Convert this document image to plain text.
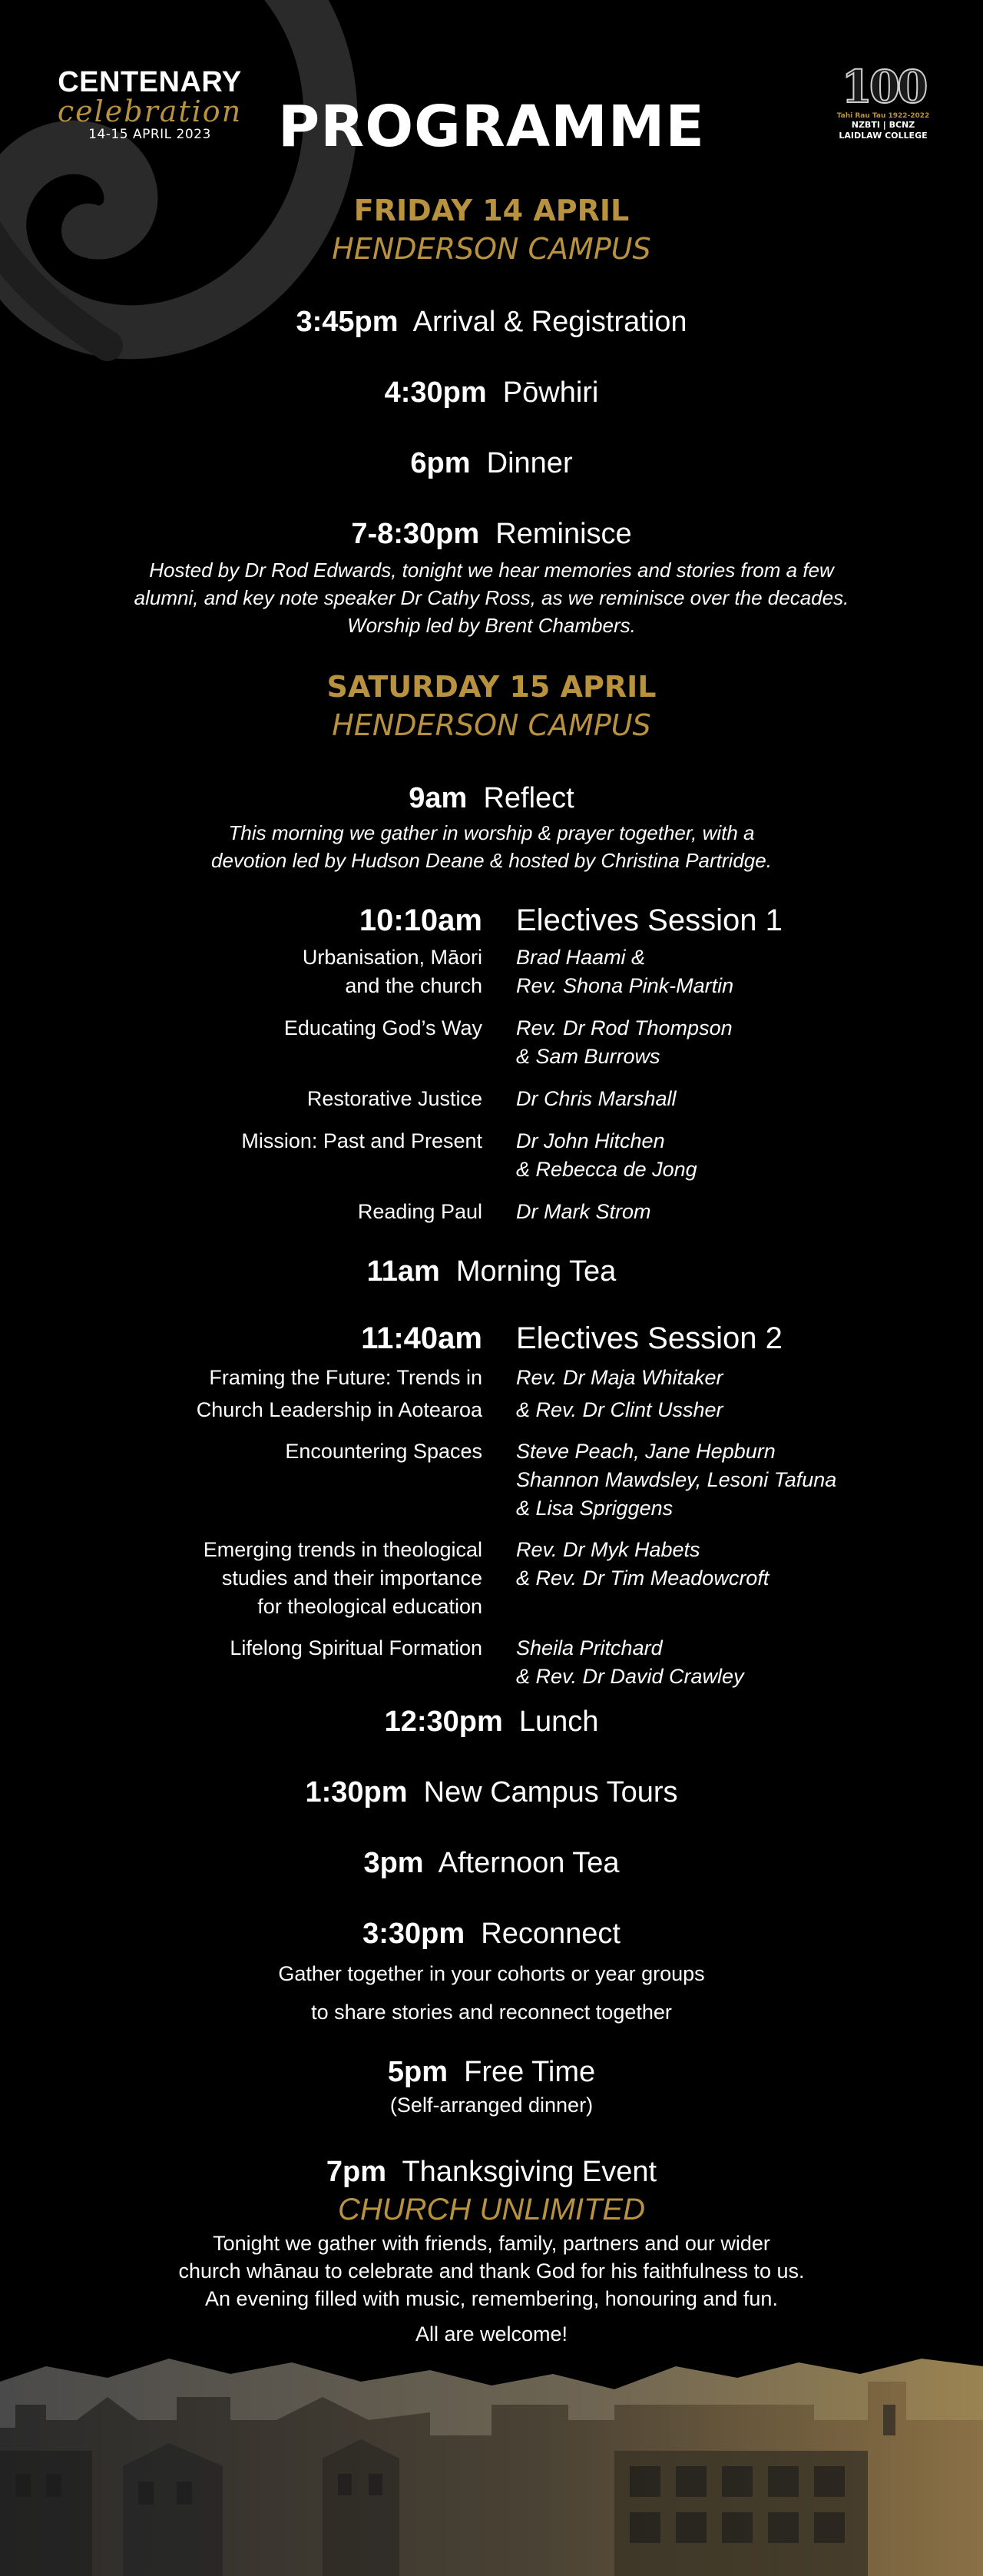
CENTENARY
celebration
14-15 APRIL 2023
100
Tahi Rau Tau 1922-2022
NZBTI | BCNZ
LAIDLAW COLLEGE
PROGRAMME
FRIDAY 14 APRIL
HENDERSON CAMPUS
3:45pm Arrival & Registration
4:30pm Pōwhiri
6pm Dinner
7-8:30pm Reminisce
Hosted by Dr Rod Edwards, tonight we hear memories and stories from a few
alumni, and key note speaker Dr Cathy Ross, as we reminisce over the decades.
Worship led by Brent Chambers.
SATURDAY 15 APRIL
HENDERSON CAMPUS
9am Reflect
This morning we gather in worship & prayer together, with a
devotion led by Hudson Deane & hosted by Christina Partridge.
10:10am Electives Session 1
Urbanisation, Māori
and the church
Brad Haami &
Rev. Shona Pink-Martin
Educating God’s Way Rev. Dr Rod Thompson
& Sam Burrows
Restorative Justice Dr Chris Marshall
Mission: Past and Present Dr John Hitchen
& Rebecca de Jong
Reading Paul Dr Mark Strom
11am Morning Tea
11:40am Electives Session 2
Framing the Future: Trends in
Church Leadership in Aotearoa
Rev. Dr Maja Whitaker
& Rev. Dr Clint Ussher
Encountering Spaces Steve Peach, Jane Hepburn
Shannon Mawdsley, Lesoni Tafuna
& Lisa Spriggens
Emerging trends in theological
studies and their importance
for theological education
Rev. Dr Myk Habets
& Rev. Dr Tim Meadowcroft
Lifelong Spiritual Formation Sheila Pritchard
& Rev. Dr David Crawley
12:30pm Lunch
1:30pm New Campus Tours
3pm Afternoon Tea
3:30pm Reconnect
Gather together in your cohorts or year groups
to share stories and reconnect together
5pm Free Time
(Self-arranged dinner)
7pm Thanksgiving Event
CHURCH UNLIMITED
Tonight we gather with friends, family, partners and our wider
church whānau to celebrate and thank God for his faithfulness to us.
An evening filled with music, remembering, honouring and fun.
All are welcome!
